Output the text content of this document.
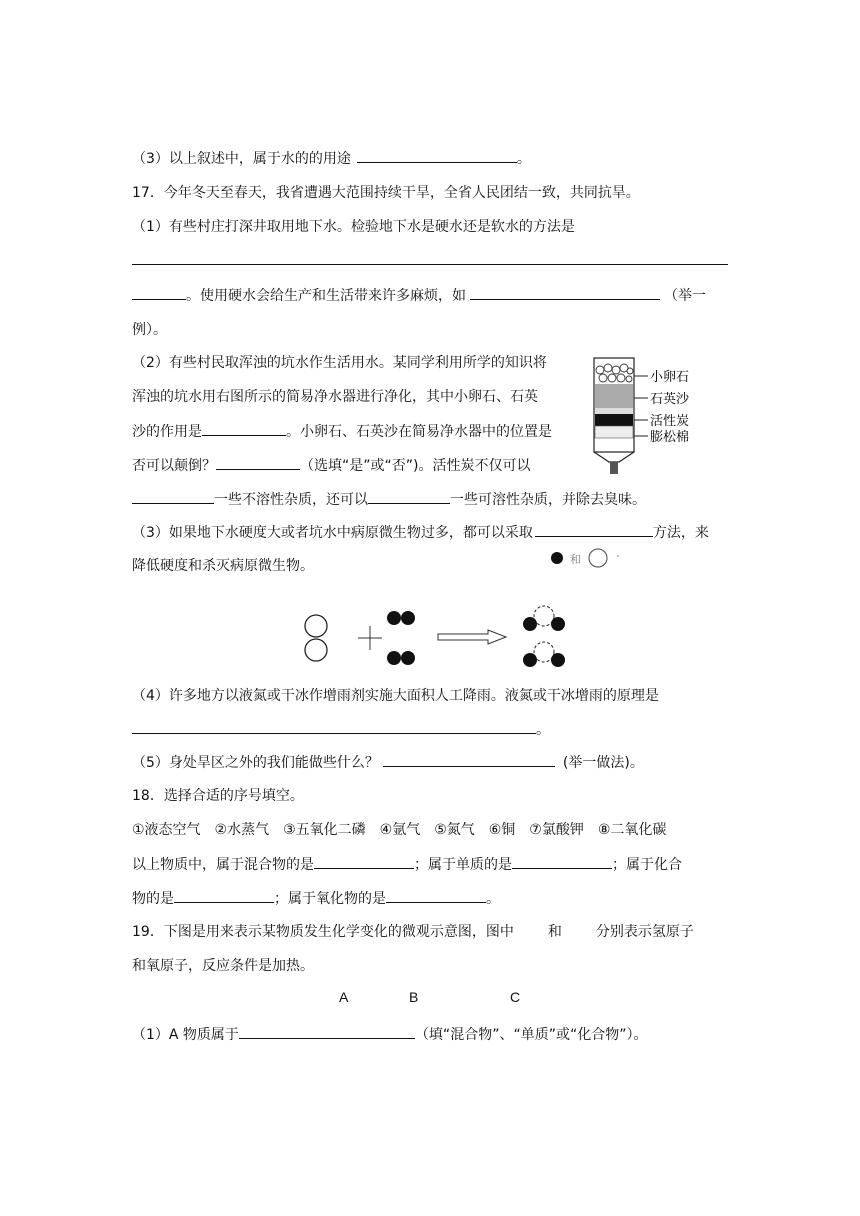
（3）以上叙述中，属于水的的用途	。
17．今年冬天至春天，我省遭遇大范围持续干旱，全省人民团结一致，共同抗旱。
（1）有些村庄打深井取用地下水。检验地下水是硬水还是软水的方法是
。使用硬水会给生产和生活带来许多麻烦，如	（举一
例）。
（2）有些村民取浑浊的坑水作生活用水。某同学利用所学的知识将
浑浊的坑水用右图所示的简易净水器进行净化，其中小卵石、石英
沙的作用是	。小卵石、石英沙在简易净水器中的位置是
否可以颠倒？	（选填“是”或“否”)。活性炭不仅可以
一些不溶性杂质，还可以	一些可溶性杂质，并除去臭味。
小卵石
石英沙
活性炭
膨松棉
（3）如果地下水硬度大或者坑水中病原微生物过多，都可以采取	方法，来
降低硬度和杀灭病原微生物。	和
（4）许多地方以液氮或干冰作增雨剂实施大面积人工降雨。液氮或干冰增雨的原理是
。
（5）身处旱区之外的我们能做些什么？	(举一做法)。
18．选择合适的序号填空。
①液态空气　②水蒸气　③五氧化二磷　④氩气　⑤氮气　⑥铜　⑦氯酸钾　⑧二氧化碳
以上物质中，属于混合物的是	；属于单质的是	；属于化合
物的是	；属于氧化物的是	。
19．下图是用来表示某物质发生化学变化的微观示意图，图中 和 分别表示氢原子
和氧原子，反应条件是加热。
A	B	C
（1）A 物质属于	（填“混合物”、“单质”或“化合物”）。
